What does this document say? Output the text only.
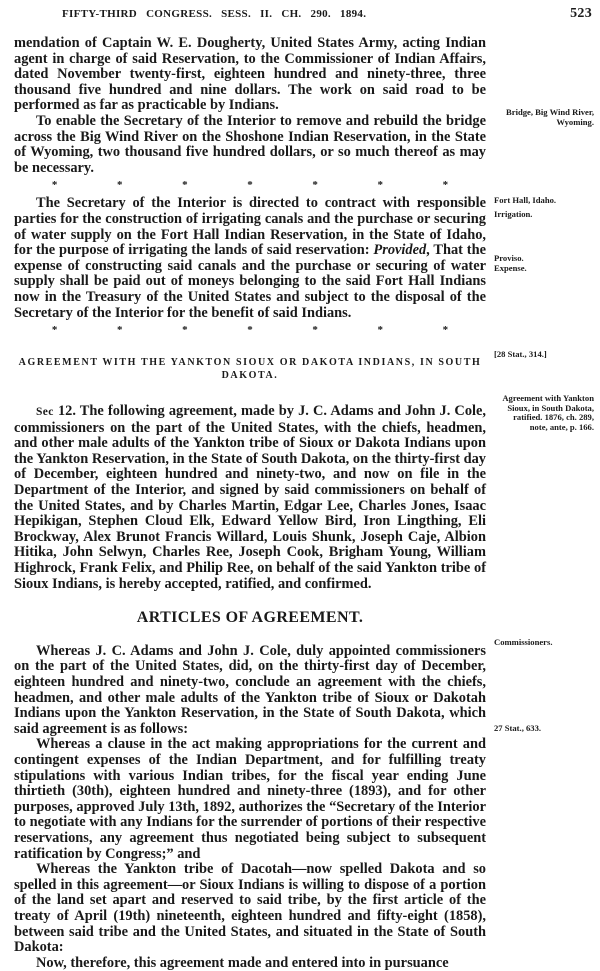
FIFTY-THIRD CONGRESS. SESS. II. CH. 290. 1894.	523

mendation of Captain W. E. Dougherty, United States Army, acting Indian agent in charge of said Reservation, to the Commissioner of Indian Affairs, dated November twenty-first, eighteen hundred and ninety-three, three thousand five hundred and nine dollars. The work on said road to be performed as far as practicable by Indians.

To enable the Secretary of the Interior to remove and rebuild the bridge across the Big Wind River on the Shoshone Indian Reservation, in the State of Wyoming, two thousand five hundred dollars, or so much thereof as may be necessary.

*	*	*	*	*	*	*

The Secretary of the Interior is directed to contract with responsible parties for the construction of irrigating canals and the purchase or securing of water supply on the Fort Hall Indian Reservation, in the State of Idaho, for the purpose of irrigating the lands of said reservation: Provided, That the expense of constructing said canals and the purchase or securing of water supply shall be paid out of moneys belonging to the said Fort Hall Indians now in the Treasury of the United States and subject to the disposal of the Secretary of the Interior for the benefit of said Indians.

*	*	*	*	*	*	*
AGREEMENT WITH THE YANKTON SIOUX OR DAKOTA INDIANS, IN SOUTH DAKOTA.

Sec 12. The following agreement, made by J. C. Adams and John J. Cole, commissioners on the part of the United States, with the chiefs, headmen, and other male adults of the Yankton tribe of Sioux or Dakota Indians upon the Yankton Reservation, in the State of South Dakota, on the thirty-first day of December, eighteen hundred and ninety-two, and now on file in the Department of the Interior, and signed by said commissioners on behalf of the United States, and by Charles Martin, Edgar Lee, Charles Jones, Isaac Hepikigan, Stephen Cloud Elk, Edward Yellow Bird, Iron Lingthing, Eli Brockway, Alex Brunot Francis Willard, Louis Shunk, Joseph Caje, Albion Hitika, John Selwyn, Charles Ree, Joseph Cook, Brigham Young, William Highrock, Frank Felix, and Philip Ree, on behalf of the said Yankton tribe of Sioux Indians, is hereby accepted, ratified, and confirmed.

ARTICLES OF AGREEMENT.

Whereas J. C. Adams and John J. Cole, duly appointed commissioners on the part of the United States, did, on the thirty-first day of December, eighteen hundred and ninety-two, conclude an agreement with the chiefs, headmen, and other male adults of the Yankton tribe of Sioux or Dakotah Indians upon the Yankton Reservation, in the State of South Dakota, which said agreement is as follows:

Whereas a clause in the act making appropriations for the current and contingent expenses of the Indian Department, and for fulfilling treaty stipulations with various Indian tribes, for the fiscal year ending June thirtieth (30th), eighteen hundred and ninety-three (1893), and for other purposes, approved July 13th, 1892, authorizes the “Secretary of the Interior to negotiate with any Indians for the surrender of portions of their respective reservations, any agreement thus negotiated being subject to subsequent ratification by Congress;” and

Whereas the Yankton tribe of Dacotah—now spelled Dakota and so spelled in this agreement—or Sioux Indians is willing to dispose of a portion of the land set apart and reserved to said tribe, by the first article of the treaty of April (19th) nineteenth, eighteen hundred and fifty-eight (1858), between said tribe and the United States, and situated in the State of South Dakota:

Now, therefore, this agreement made and entered into in pursuance

Bridge, Big Wind River, Wyoming.
Fort Hall, Idaho.
Irrigation.
Proviso.
Expense.
[28 Stat., 314.]
Agreement with Yankton Sioux, in South Dakota, ratified. 1876, ch. 289, note, ante, p. 166.
Commissioners.
27 Stat., 633.
